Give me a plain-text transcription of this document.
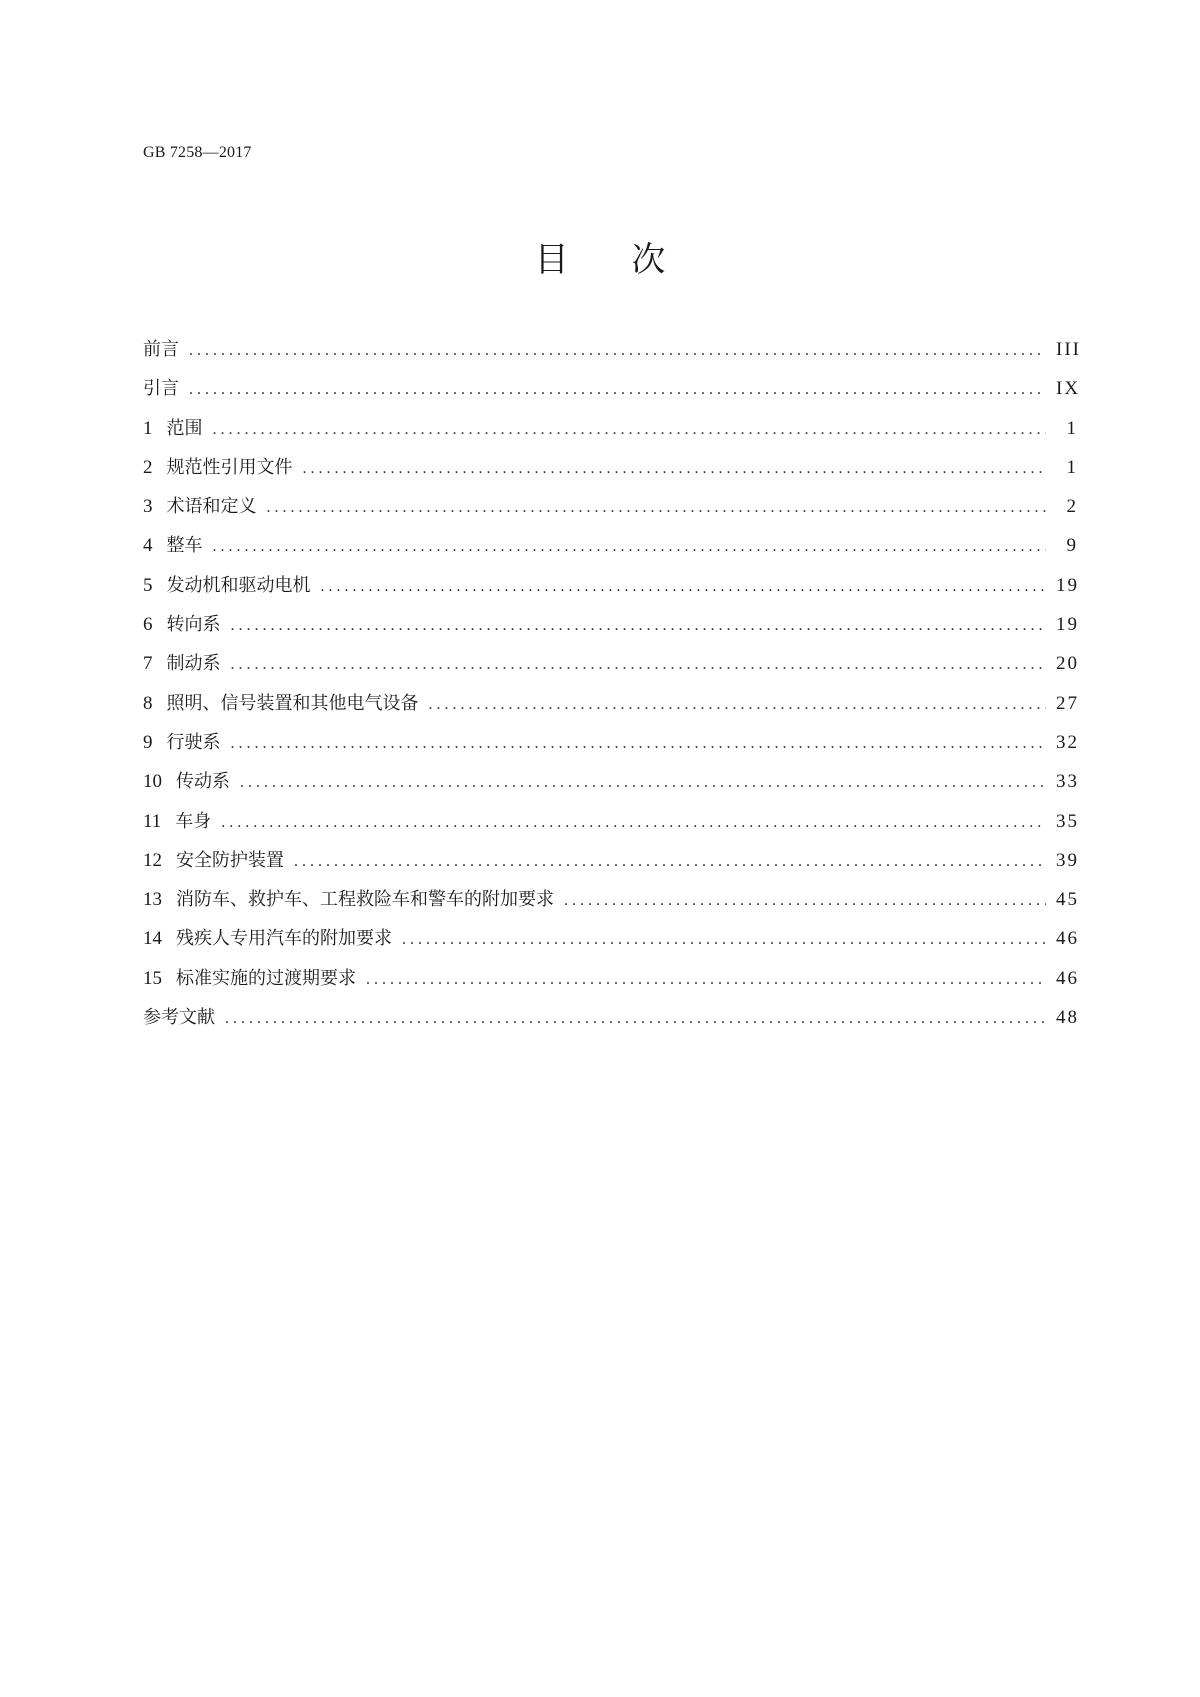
GB 7258—2017
目 次
前言 . . .	III
引言 . . .	IX
1 范围 . . .	1
2 规范性引用文件 . . .	1
3 术语和定义 . . .	2
4 整车 . . .	9
5 发动机和驱动电机 . . .	19
6 转向系 . . .	19
7 制动系 . . .	20
8 照明、信号装置和其他电气设备 . . .	27
9 行驶系 . . .	32
10 传动系 . . .	33
11 车身 . . .	35
12 安全防护装置 . . .	39
13 消防车、救护车、工程救险车和警车的附加要求 . . .	45
14 残疾人专用汽车的附加要求 . . .	46
15 标准实施的过渡期要求 . . .	46
参考文献 . . .	48
